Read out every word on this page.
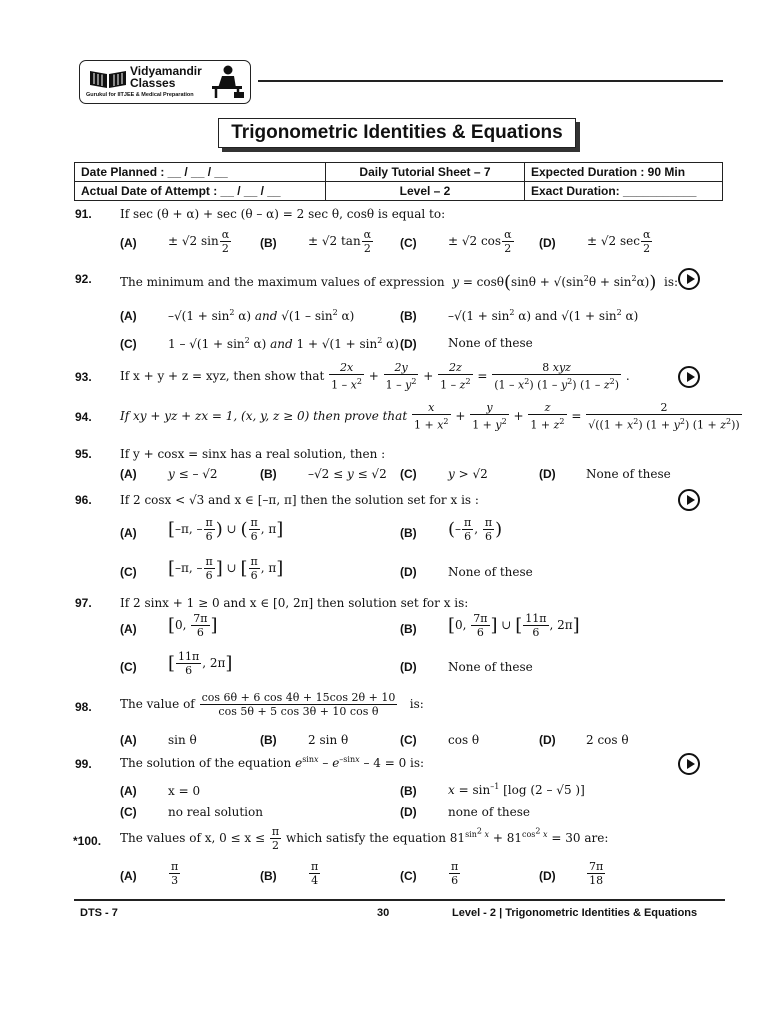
Vidyamandir
Classes
Gurukul for IITJEE & Medical Preparation
Trigonometric Identities & Equations
Date Planned : __ / __ / __	Daily Tutorial Sheet – 7	Expected Duration : 90 Min
Actual Date of Attempt : __ / __ / __	Level – 2	Exact Duration: ___________
91. If sec (θ + α) + sec (θ – α) = 2 sec θ, cosθ is equal to:
(A)	± √2 $\sin \frac{\alpha}{2} (B)$	± √2 $\tan \frac{\alpha}{2} (C)$	± √2 $\cos \frac{\alpha}{2} (D)$	± √2 $\sec \frac{\alpha}{2}$
92. The minimum and the maximum values of expression $y = \cos\theta(\sin\theta + √(\sin^2\theta + \sin^2\alpha))$ is:
(A)	$-√(1 + \sin^2 \alpha)$ and $√(1 - \sin^2 \alpha)$	(B)	$-√(1 + \sin^2 \alpha)$ and $√(1 + \sin^2 \alpha)$
(C)	$1 - √(1 + \sin^2 \alpha)$ and $1 + √(1 + \sin^2 \alpha)$ (D)	None of these
93. If x + y + z = xyz, then show that $\frac{2x}{1 - x^2} + \frac{2y}{1 - y^2} + \frac{2z}{1 - z^2} = \frac{\text{8 xyz}}{(1 - x^2) (1 - y^2) (1 - z^2)}$ .
94. If xy + yz + zx = 1, (x, y, z ≥ 0) then prove that $\frac{x}{1 + x^2} + \frac{y}{1 + y^2} + \frac{z}{1 + z^2} = \frac{2}{√((1 + x^2) (1 + y^2) (1 + z^2))}$
95. If y + cosx = sinx has a real solution, then :
(A)	y ≤ – √2	(B)	–√2 ≤ y ≤ √2 (C)	y > √2	(D)	None of these
96. If 2 cosx < √3 and x ∈ [–π, π] then the solution set for x is :
(A) [–π, – $\frac{\pi}{6}$ ) ∪ ( $\frac{\pi}{6}$ , π]	(B) (– $\frac{\pi}{6}$ , $\frac{\pi}{6}$ )
(C) [–π, – $\frac{\pi}{6}$ ] ∪ [ $\frac{\pi}{6}$ , π]	(D)	None of these
97. If 2 sinx + 1 ≥ 0 and x ∈ [0, 2π] then solution set for x is:
(A) [0, $\frac{7\pi}{6}$ ]	(B) [0, $\frac{7\pi}{6}$ ] ∪ [ $\frac{11\pi}{6}$ , 2π]
(C) [ $\frac{11\pi}{6}$ , 2π]	(D)	None of these
98. The value of $\frac{\cos 6\theta + 6 \cos 4\theta + 15\cos 2\theta + 10}{\text{cos 5θ + 5 cos 3θ + 10 cos θ}}$ is:
(A)	sin θ	(B)	2 sin θ	(C)	cos θ	(D)	2 cos θ
99. The solution of the equation $e^{sinx} - e^{-sinx} - 4 = 0$ is:
(A)	x = 0	(B)	$x = \sin^{-1} [\log$ (2 – √5 )]
(C)	no real solution	(D)	none of these
*100. The values of x, $0 \le x \le \frac{\pi}{2}$ which satisfy the equation $81^{sin^2 x} + 81^{cos^2 x} = 30$ are:
(A)	$\frac{\pi}{3}$	(B)	$\frac{\pi}{4}$	(C)	$\frac{\pi}{6}$	(D)	$\frac{7\pi}{18}$
DTS - 7	30	Level - 2 | Trigonometric Identities & Equations
